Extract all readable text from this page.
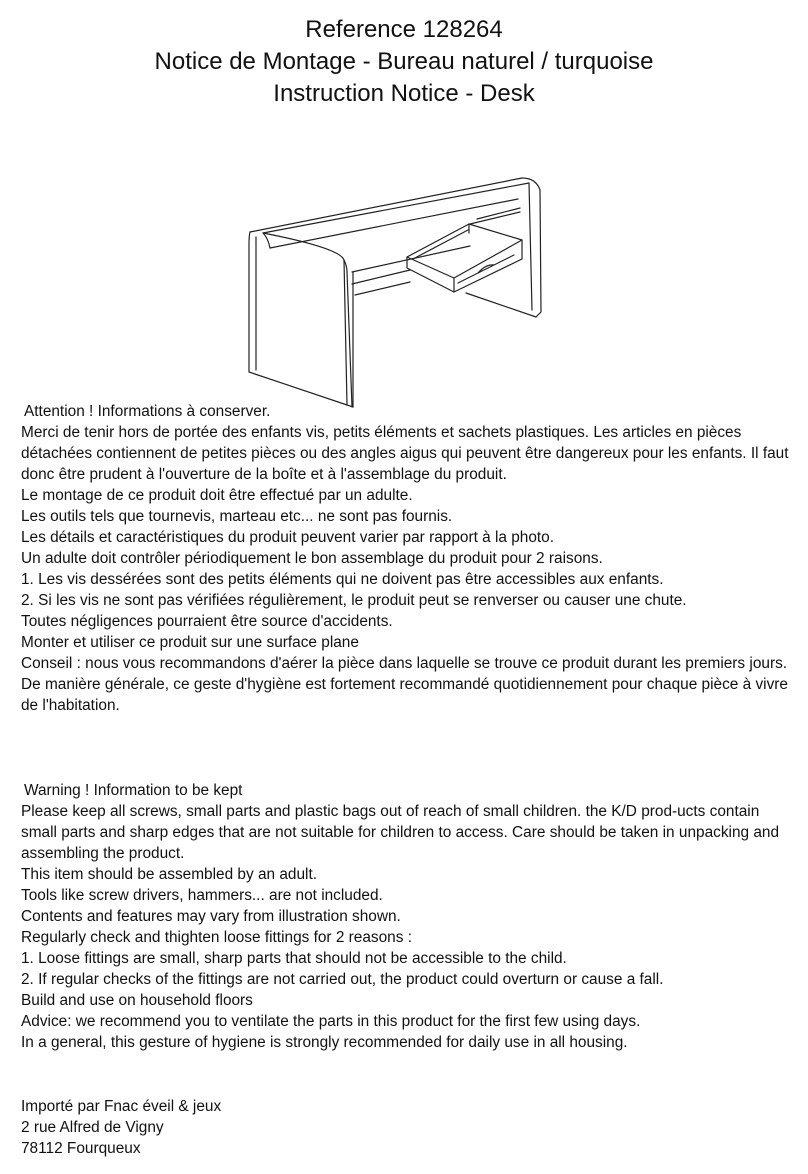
Reference 128264
Notice de Montage - Bureau naturel / turquoise
Instruction Notice - Desk

Attention ! Informations à conserver.

Merci de tenir hors de portée des enfants vis, petits éléments et sachets plastiques. Les articles en pièces détachées contiennent de petites pièces ou des angles aigus qui peuvent être dangereux pour les enfants. Il faut donc être prudent à l'ouverture de la boîte et à l'assemblage du produit.

Le montage de ce produit doit être effectué par un adulte.

Les outils tels que tournevis, marteau etc... ne sont pas fournis.

Les détails et caractéristiques du produit peuvent varier par rapport à la photo.

Un adulte doit contrôler périodiquement le bon assemblage du produit pour 2 raisons.

1. Les vis dessérées sont des petits éléments qui ne doivent pas être accessibles aux enfants.

2. Si les vis ne sont pas vérifiées régulièrement, le produit peut se renverser ou causer une chute.

Toutes négligences pourraient être source d'accidents.

Monter et utiliser ce produit sur une surface plane

Conseil : nous vous recommandons d'aérer la pièce dans laquelle se trouve ce produit durant les premiers jours.

De manière générale, ce geste d'hygiène est fortement recommandé quotidiennement pour chaque pièce à vivre de l'habitation.

Warning ! Information to be kept

Please keep all screws, small parts and plastic bags out of reach of small children. the K/D prod-ucts contain small parts and sharp edges that are not suitable for children to access. Care should be taken in unpacking and assembling the product.

This item should be assembled by an adult.

Tools like screw drivers, hammers... are not included.

Contents and features may vary from illustration shown.

Regularly check and thighten loose fittings for 2 reasons :

1. Loose fittings are small, sharp parts that should not be accessible to the child.

2. If regular checks of the fittings are not carried out, the product could overturn or cause a fall.

Build and use on household floors

Advice: we recommend you to ventilate the parts in this product for the first few using days.

In a general, this gesture of hygiene is strongly recommended for daily use in all housing.

Importé par Fnac éveil & jeux

2 rue Alfred de Vigny

78112 Fourqueux
